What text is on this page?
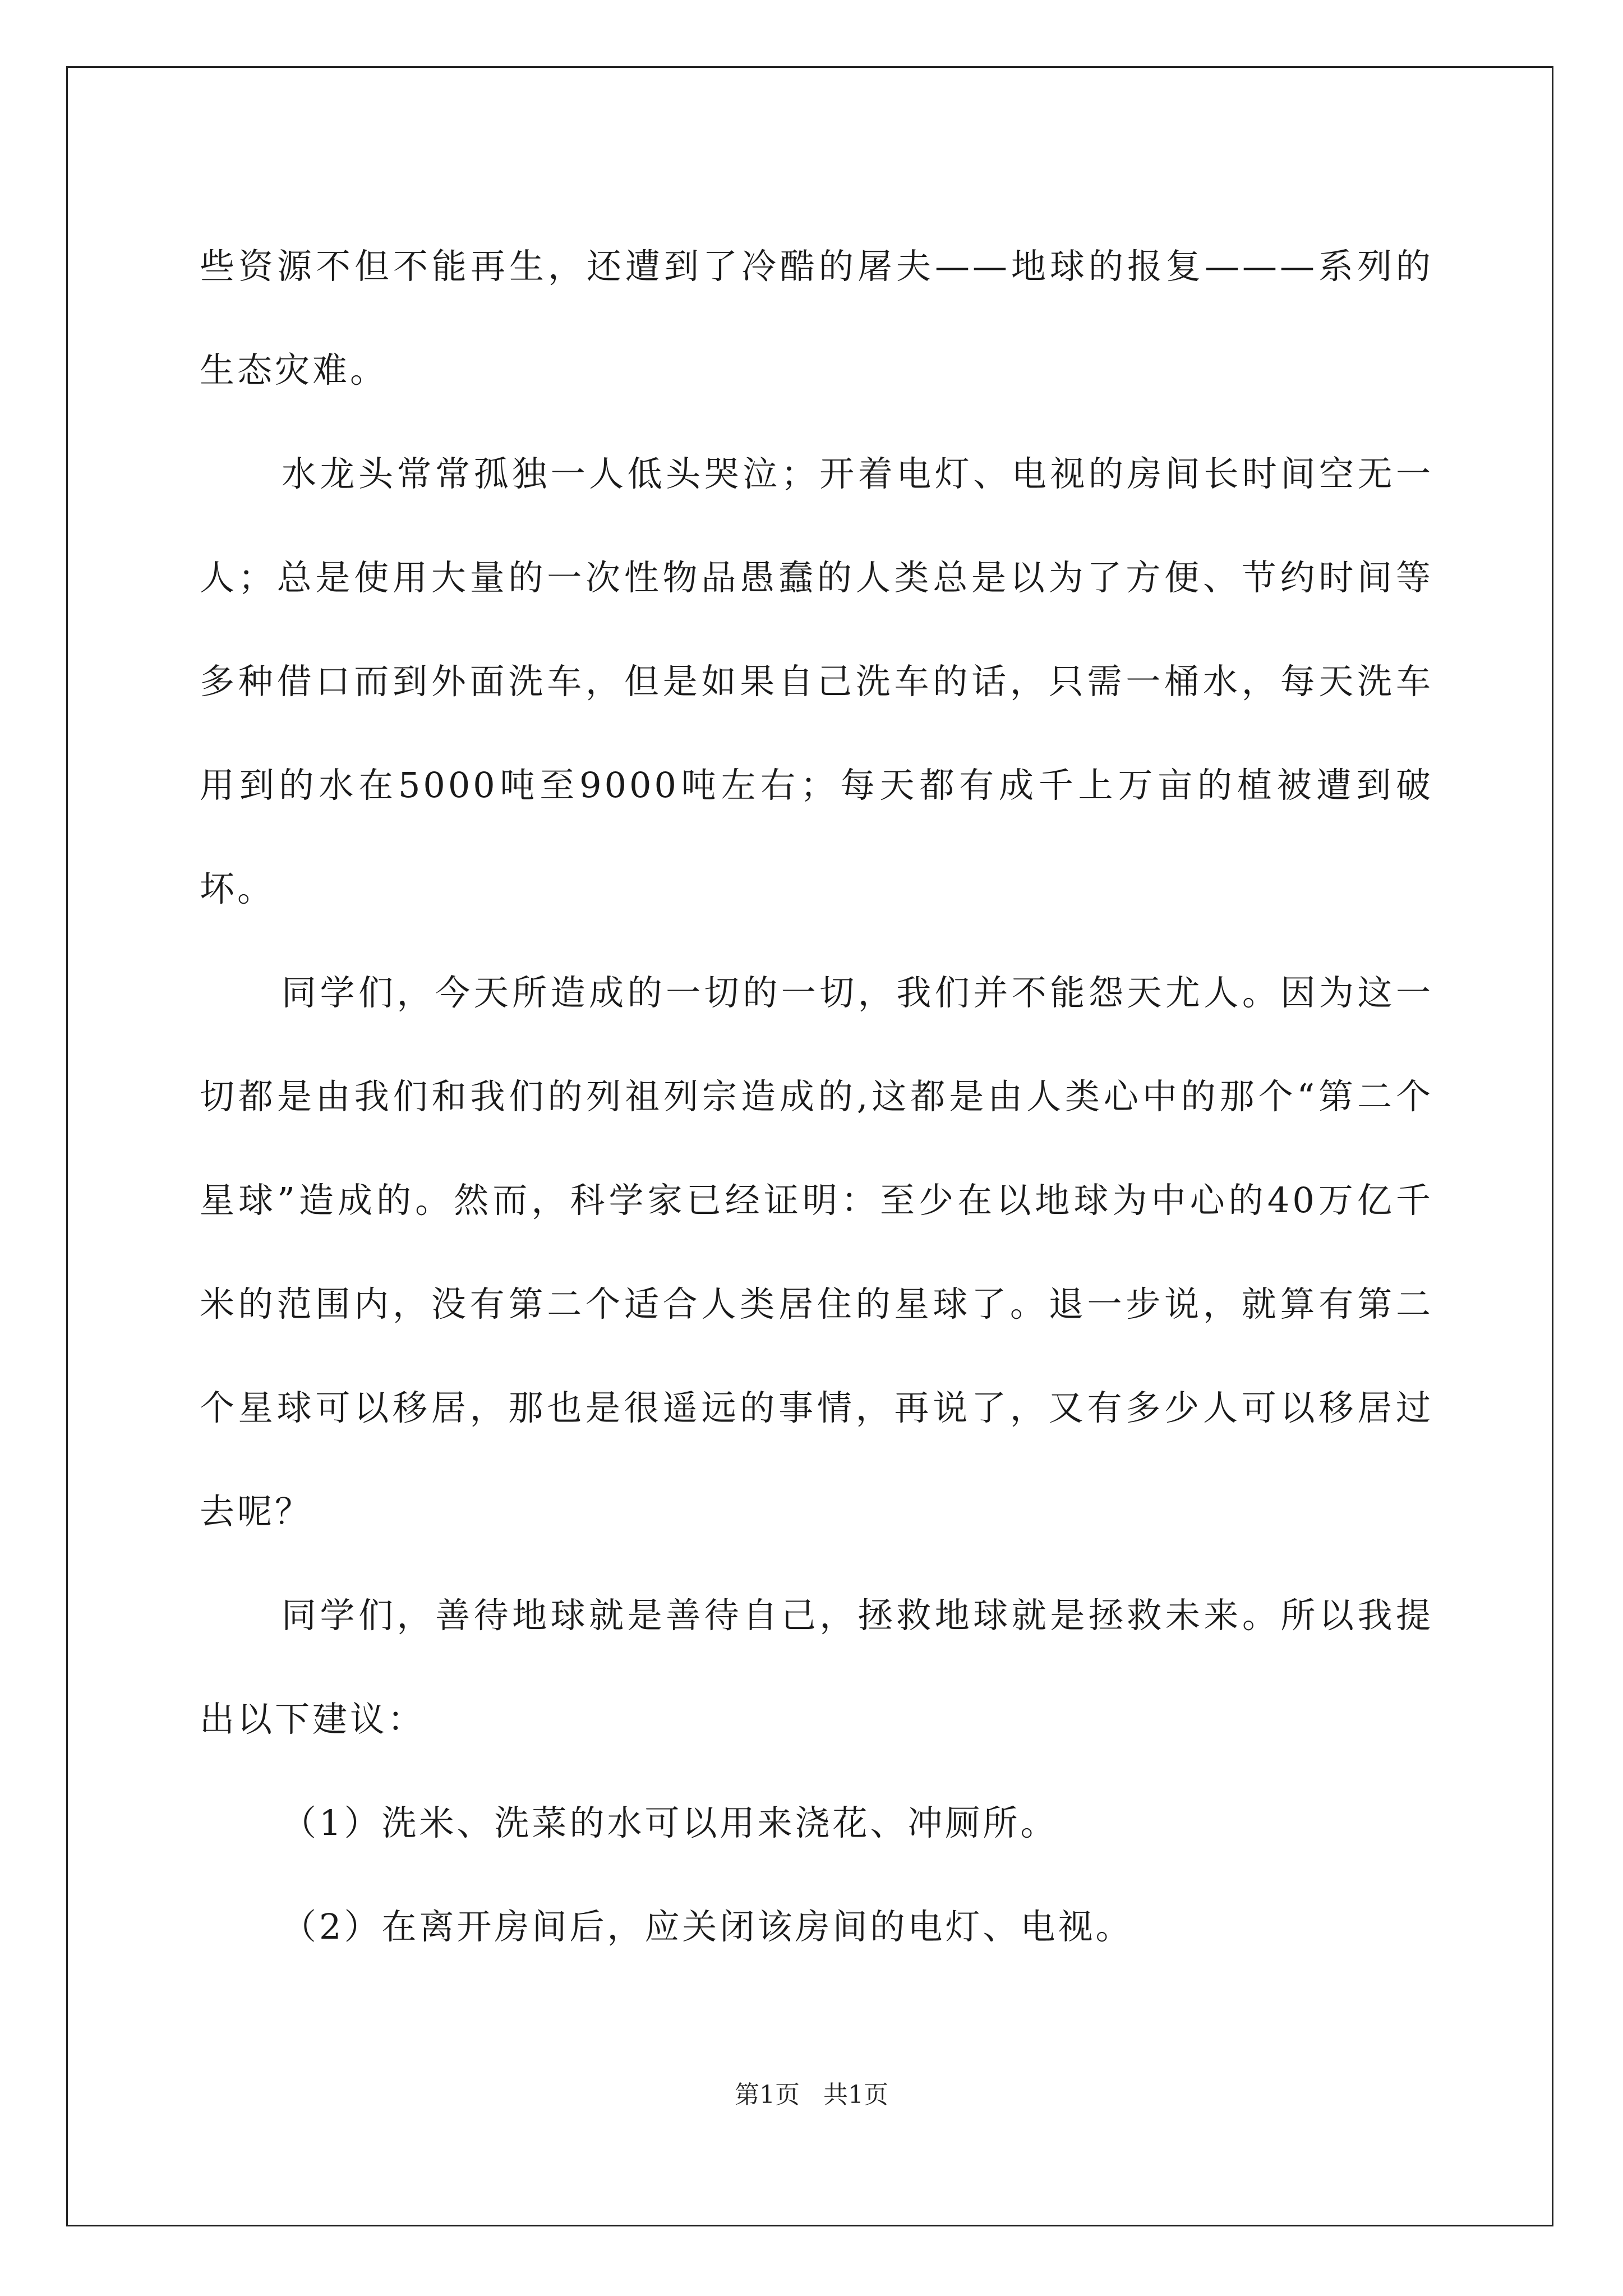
些资源不但不能再生，还遭到了冷酷的屠夫——地球的报复———系列的生态灾难。

水龙头常常孤独一人低头哭泣；开着电灯、电视的房间长时间空无一人；总是使用大量的一次性物品愚蠢的人类总是以为了方便、节约时间等多种借口而到外面洗车，但是如果自己洗车的话，只需一桶水，每天洗车用到的水在5000吨至9000吨左右；每天都有成千上万亩的植被遭到破坏。

同学们，今天所造成的一切的一切，我们并不能怨天尤人。因为这一切都是由我们和我们的列祖列宗造成的,这都是由人类心中的那个“第二个星球”造成的。然而，科学家已经证明：至少在以地球为中心的40万亿千米的范围内，没有第二个适合人类居住的星球了。退一步说，就算有第二个星球可以移居，那也是很遥远的事情，再说了，又有多少人可以移居过去呢？

同学们，善待地球就是善待自己，拯救地球就是拯救未来。所以我提出以下建议：

（1）洗米、洗菜的水可以用来浇花、冲厕所。

（2）在离开房间后，应关闭该房间的电灯、电视。

第1页 共1页
